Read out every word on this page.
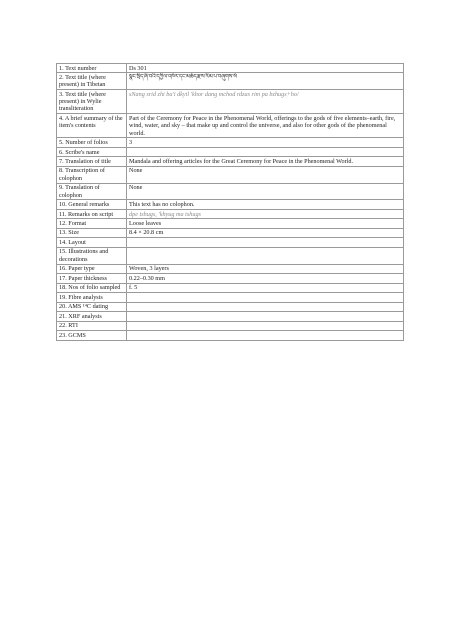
1. Text number	Ds 301
2. Text title (where present) in Tibetan	སྣང་སྲིད་ཞི་བའི་དཀྱིལ་འཁོར་དང་མཆོད་རྫས་རིམ་པ་བཞུགས་སོ
3. Text title (where present) in Wylie transliteration	sNang srid zhi ba'i dkyil 'khor dang mchod rdzas rim pa bzhugs+ho/
4. A brief summary of the item's contents	Part of the Ceremony for Peace in the Phenomenal World, offerings to the gods of five elements–earth, fire, wind, water, and sky – that make up and control the universe, and also for other gods of the phenomenal world.
5. Number of folios	3
6. Scribe's name	
7. Translation of title	Mandala and offering articles for the Great Ceremony for Peace in the Phenomenal World.
8. Transcription of colophon	None
9. Translation of colophon	None
10. General remarks	This text has no colophon.
11. Remarks on script	dpe tshugs, 'khyug ma tshugs
12. Format	Loose leaves
13. Size	8.4 × 20.8 cm
14. Layout	
15. Illustrations and decorations	
16. Paper type	Woven, 3 layers
17. Paper thickness	0.22–0.30 mm
18. Nos of folio sampled	f. 5
19. Fibre analysis	
20. AMS ¹⁴C dating	
21. XRF analysis	
22. RTI	
23. GCMS	
